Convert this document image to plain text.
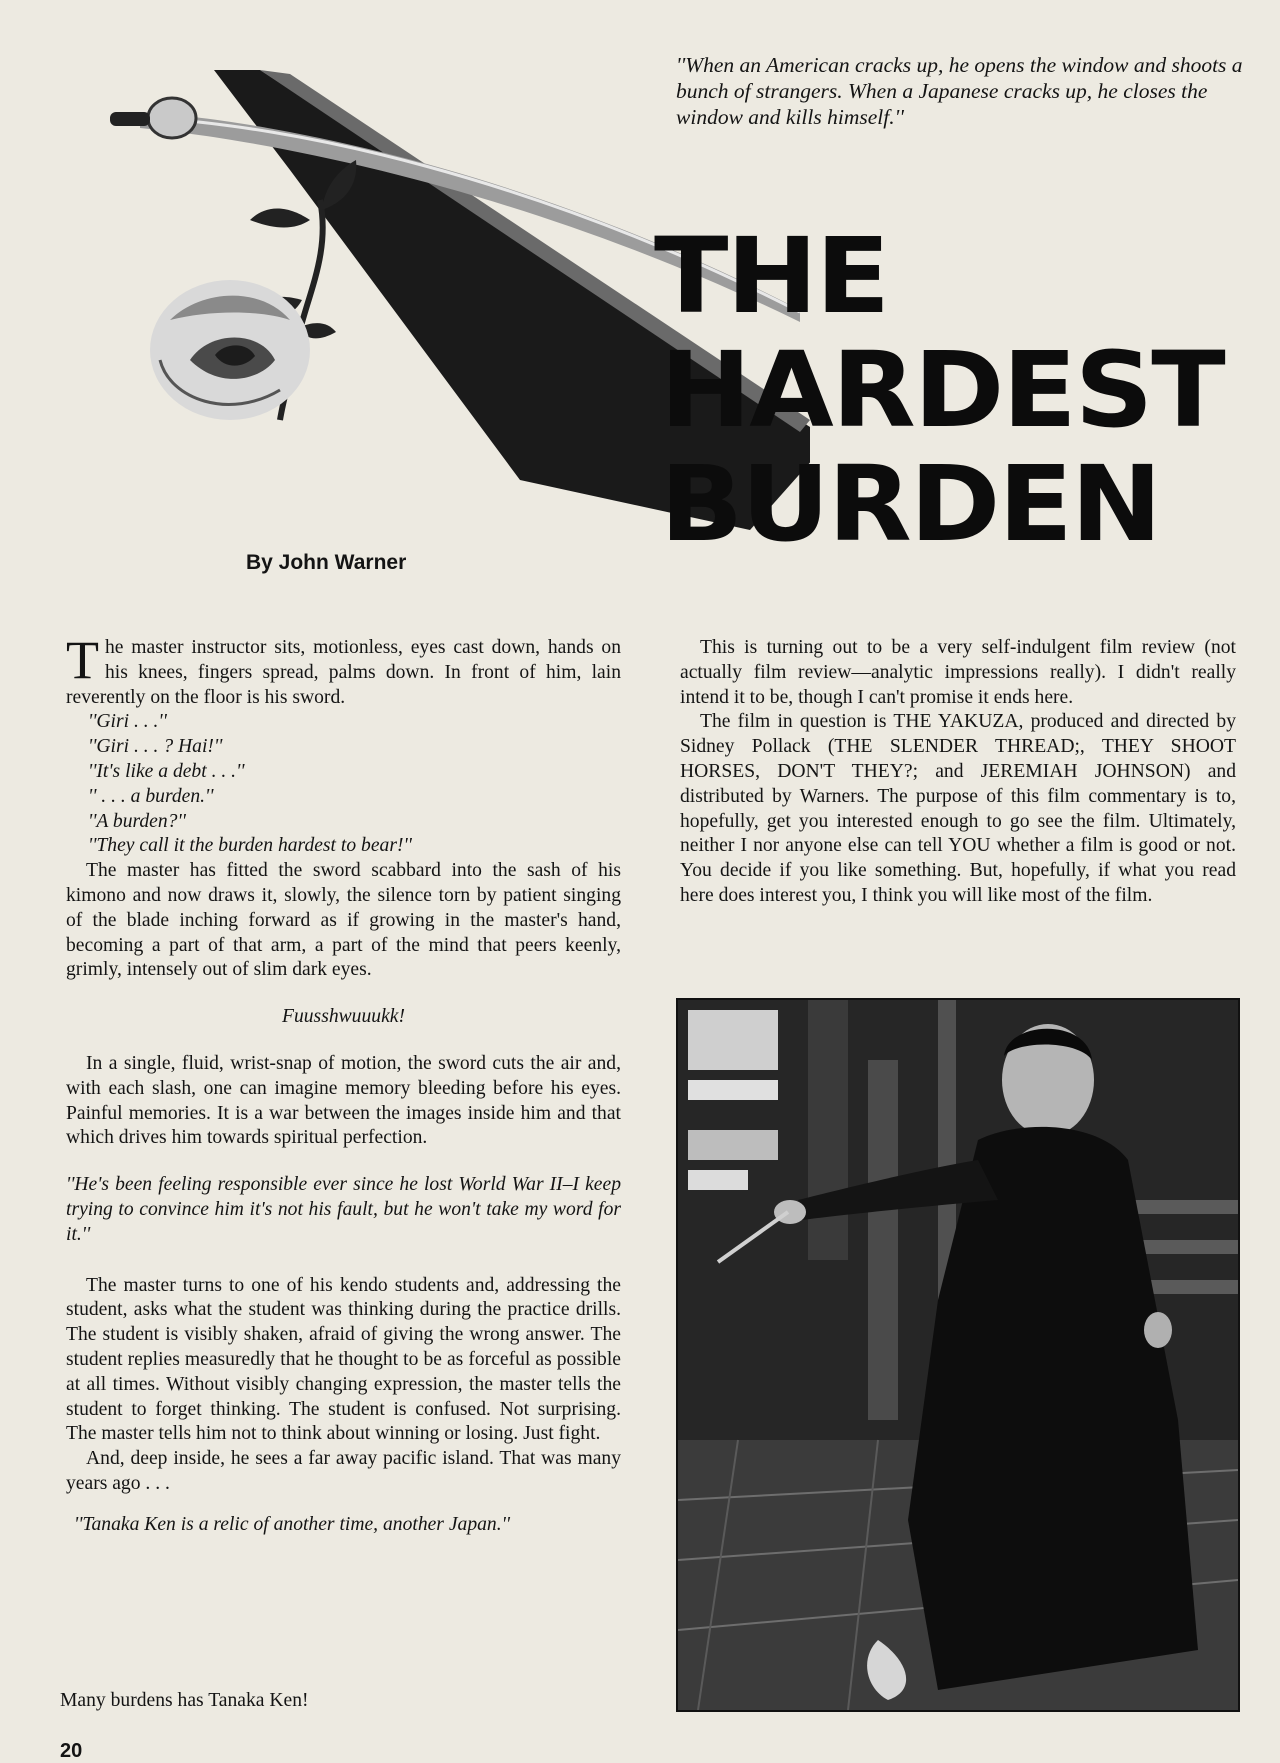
''When an American cracks up, he opens the window and shoots a bunch of strangers. When a Japanese cracks up, he closes the window and kills himself.''
THE
HARDEST
BURDEN
By John Warner

The master instructor sits, motionless, eyes cast down, hands on his knees, fingers spread, palms down. In front of him, lain reverently on the floor is his sword.

''Giri . . .''

''Giri . . . ? Hai!''

''It's like a debt . . .''

'' . . . a burden.''

''A burden?''

''They call it the burden hardest to bear!''

The master has fitted the sword scabbard into the sash of his kimono and now draws it, slowly, the silence torn by patient singing of the blade inching forward as if growing in the master's hand, becoming a part of that arm, a part of the mind that peers keenly, grimly, intensely out of slim dark eyes.

Fuusshwuuukk!

In a single, fluid, wrist-snap of motion, the sword cuts the air and, with each slash, one can imagine memory bleeding before his eyes. Painful memories. It is a war between the images inside him and that which drives him towards spiritual perfection.

''He's been feeling responsible ever since he lost World War II–I keep trying to convince him it's not his fault, but he won't take my word for it.''

The master turns to one of his kendo students and, addressing the student, asks what the student was thinking during the practice drills. The student is visibly shaken, afraid of giving the wrong answer. The student replies measuredly that he thought to be as forceful as possible at all times. Without visibly changing expression, the master tells the student to forget thinking. The student is confused. Not surprising. The master tells him not to think about winning or losing. Just fight.

And, deep inside, he sees a far away pacific island. That was many years ago . . .

''Tanaka Ken is a relic of another time, another Japan.''

Many burdens has Tanaka Ken!

This is turning out to be a very self-indulgent film review (not actually film review—analytic impressions really). I didn't really intend it to be, though I can't promise it ends here.

The film in question is THE YAKUZA, produced and directed by Sidney Pollack (THE SLENDER THREAD;, THEY SHOOT HORSES, DON'T THEY?; and JEREMIAH JOHNSON) and distributed by Warners. The purpose of this film commentary is to, hopefully, get you interested enough to go see the film. Ultimately, neither I nor anyone else can tell YOU whether a film is good or not. You decide if you like something. But, hopefully, if what you read here does interest you, I think you will like most of the film.

20
